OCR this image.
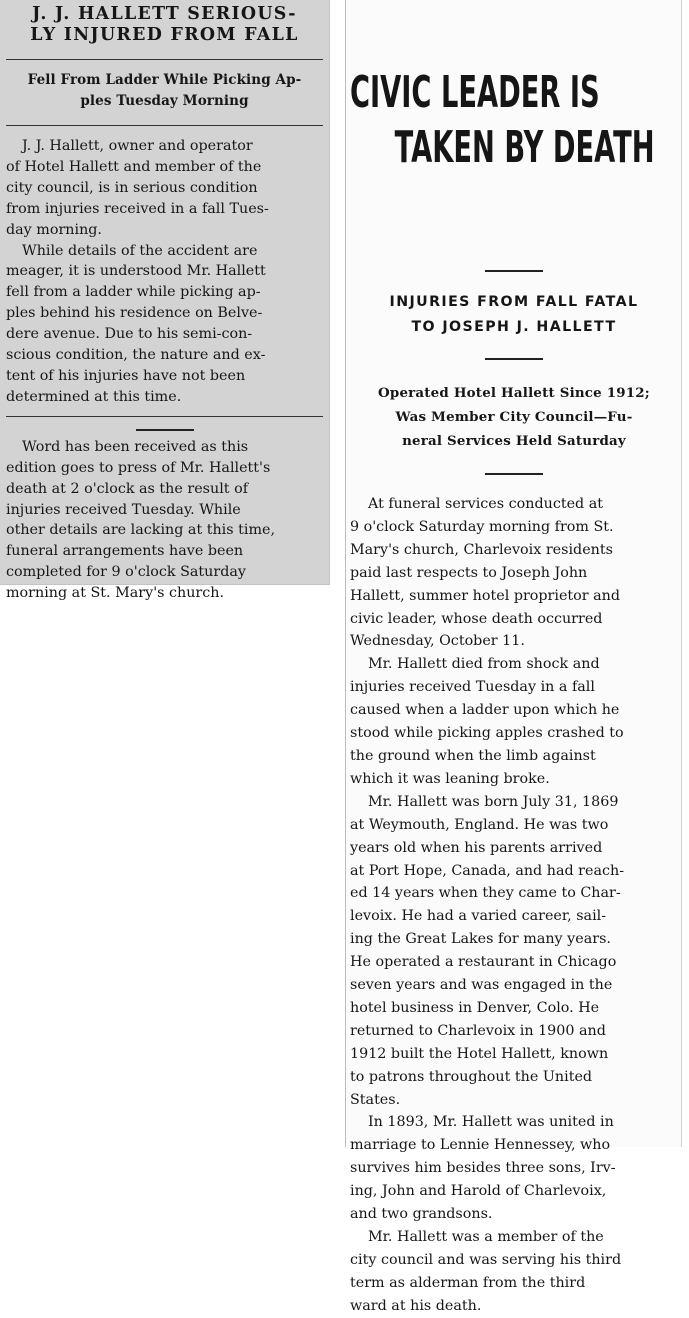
J. J. HALLETT SERIOUS-
LY INJURED FROM FALL
Fell From Ladder While Picking Ap-
ples Tuesday Morning

J. J. Hallett, owner and operator
of Hotel Hallett and member of the
city council, is in serious condition
from injuries received in a fall Tues-
day morning.

While details of the accident are
meager, it is understood Mr. Hallett
fell from a ladder while picking ap-
ples behind his residence on Belve-
dere avenue. Due to his semi-con-
scious condition, the nature and ex-
tent of his injuries have not been
determined at this time.

Word has been received as this
edition goes to press of Mr. Hallett's
death at 2 o'clock as the result of
injuries received Tuesday. While
other details are lacking at this time,
funeral arrangements have been
completed for 9 o'clock Saturday
morning at St. Mary's church.

CIVIC LEADER IS

TAKEN BY DEATH

INJURIES FROM FALL FATAL
TO JOSEPH J. HALLETT
Operated Hotel Hallett Since 1912;
Was Member City Council—Fu-
neral Services Held Saturday

At funeral services conducted at
9 o'clock Saturday morning from St.
Mary's church, Charlevoix residents
paid last respects to Joseph John
Hallett, summer hotel proprietor and
civic leader, whose death occurred
Wednesday, October 11.

Mr. Hallett died from shock and
injuries received Tuesday in a fall
caused when a ladder upon which he
stood while picking apples crashed to
the ground when the limb against
which it was leaning broke.

Mr. Hallett was born July 31, 1869
at Weymouth, England. He was two
years old when his parents arrived
at Port Hope, Canada, and had reach-
ed 14 years when they came to Char-
levoix. He had a varied career, sail-
ing the Great Lakes for many years.
He operated a restaurant in Chicago
seven years and was engaged in the
hotel business in Denver, Colo. He
returned to Charlevoix in 1900 and
1912 built the Hotel Hallett, known
to patrons throughout the United
States.

In 1893, Mr. Hallett was united in
marriage to Lennie Hennessey, who
survives him besides three sons, Irv-
ing, John and Harold of Charlevoix,
and two grandsons.

Mr. Hallett was a member of the
city council and was serving his third
term as alderman from the third
ward at his death.
